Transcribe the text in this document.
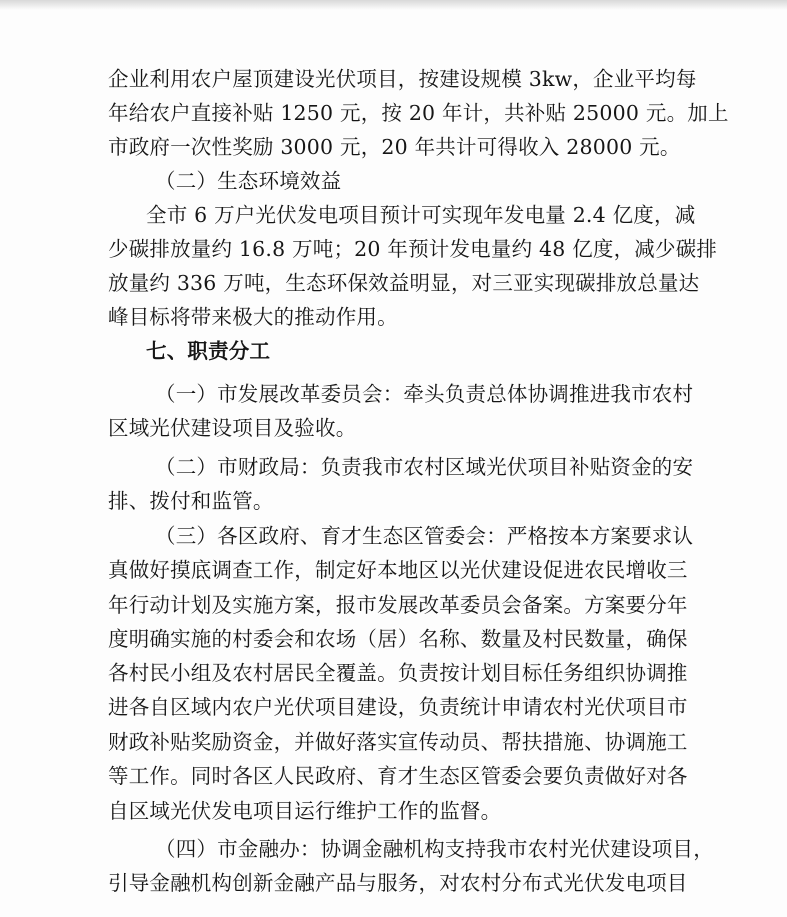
企业利用农户屋顶建设光伏项目，按建设规模 3kw，企业平均每
年给农户直接补贴 1250 元，按 20 年计，共补贴 25000 元。加上
市政府一次性奖励 3000 元，20 年共计可得收入 28000 元。
（二）生态环境效益
全市 6 万户光伏发电项目预计可实现年发电量 2.4 亿度，减
少碳排放量约 16.8 万吨；20 年预计发电量约 48 亿度，减少碳排
放量约 336 万吨，生态环保效益明显，对三亚实现碳排放总量达
峰目标将带来极大的推动作用。
七、职责分工
（一）市发展改革委员会：牵头负责总体协调推进我市农村
区域光伏建设项目及验收。
（二）市财政局：负责我市农村区域光伏项目补贴资金的安
排、拨付和监管。
（三）各区政府、育才生态区管委会：严格按本方案要求认
真做好摸底调查工作，制定好本地区以光伏建设促进农民增收三
年行动计划及实施方案，报市发展改革委员会备案。方案要分年
度明确实施的村委会和农场（居）名称、数量及村民数量，确保
各村民小组及农村居民全覆盖。负责按计划目标任务组织协调推
进各自区域内农户光伏项目建设，负责统计申请农村光伏项目市
财政补贴奖励资金，并做好落实宣传动员、帮扶措施、协调施工
等工作。同时各区人民政府、育才生态区管委会要负责做好对各
自区域光伏发电项目运行维护工作的监督。
（四）市金融办：协调金融机构支持我市农村光伏建设项目，
引导金融机构创新金融产品与服务，对农村分布式光伏发电项目
